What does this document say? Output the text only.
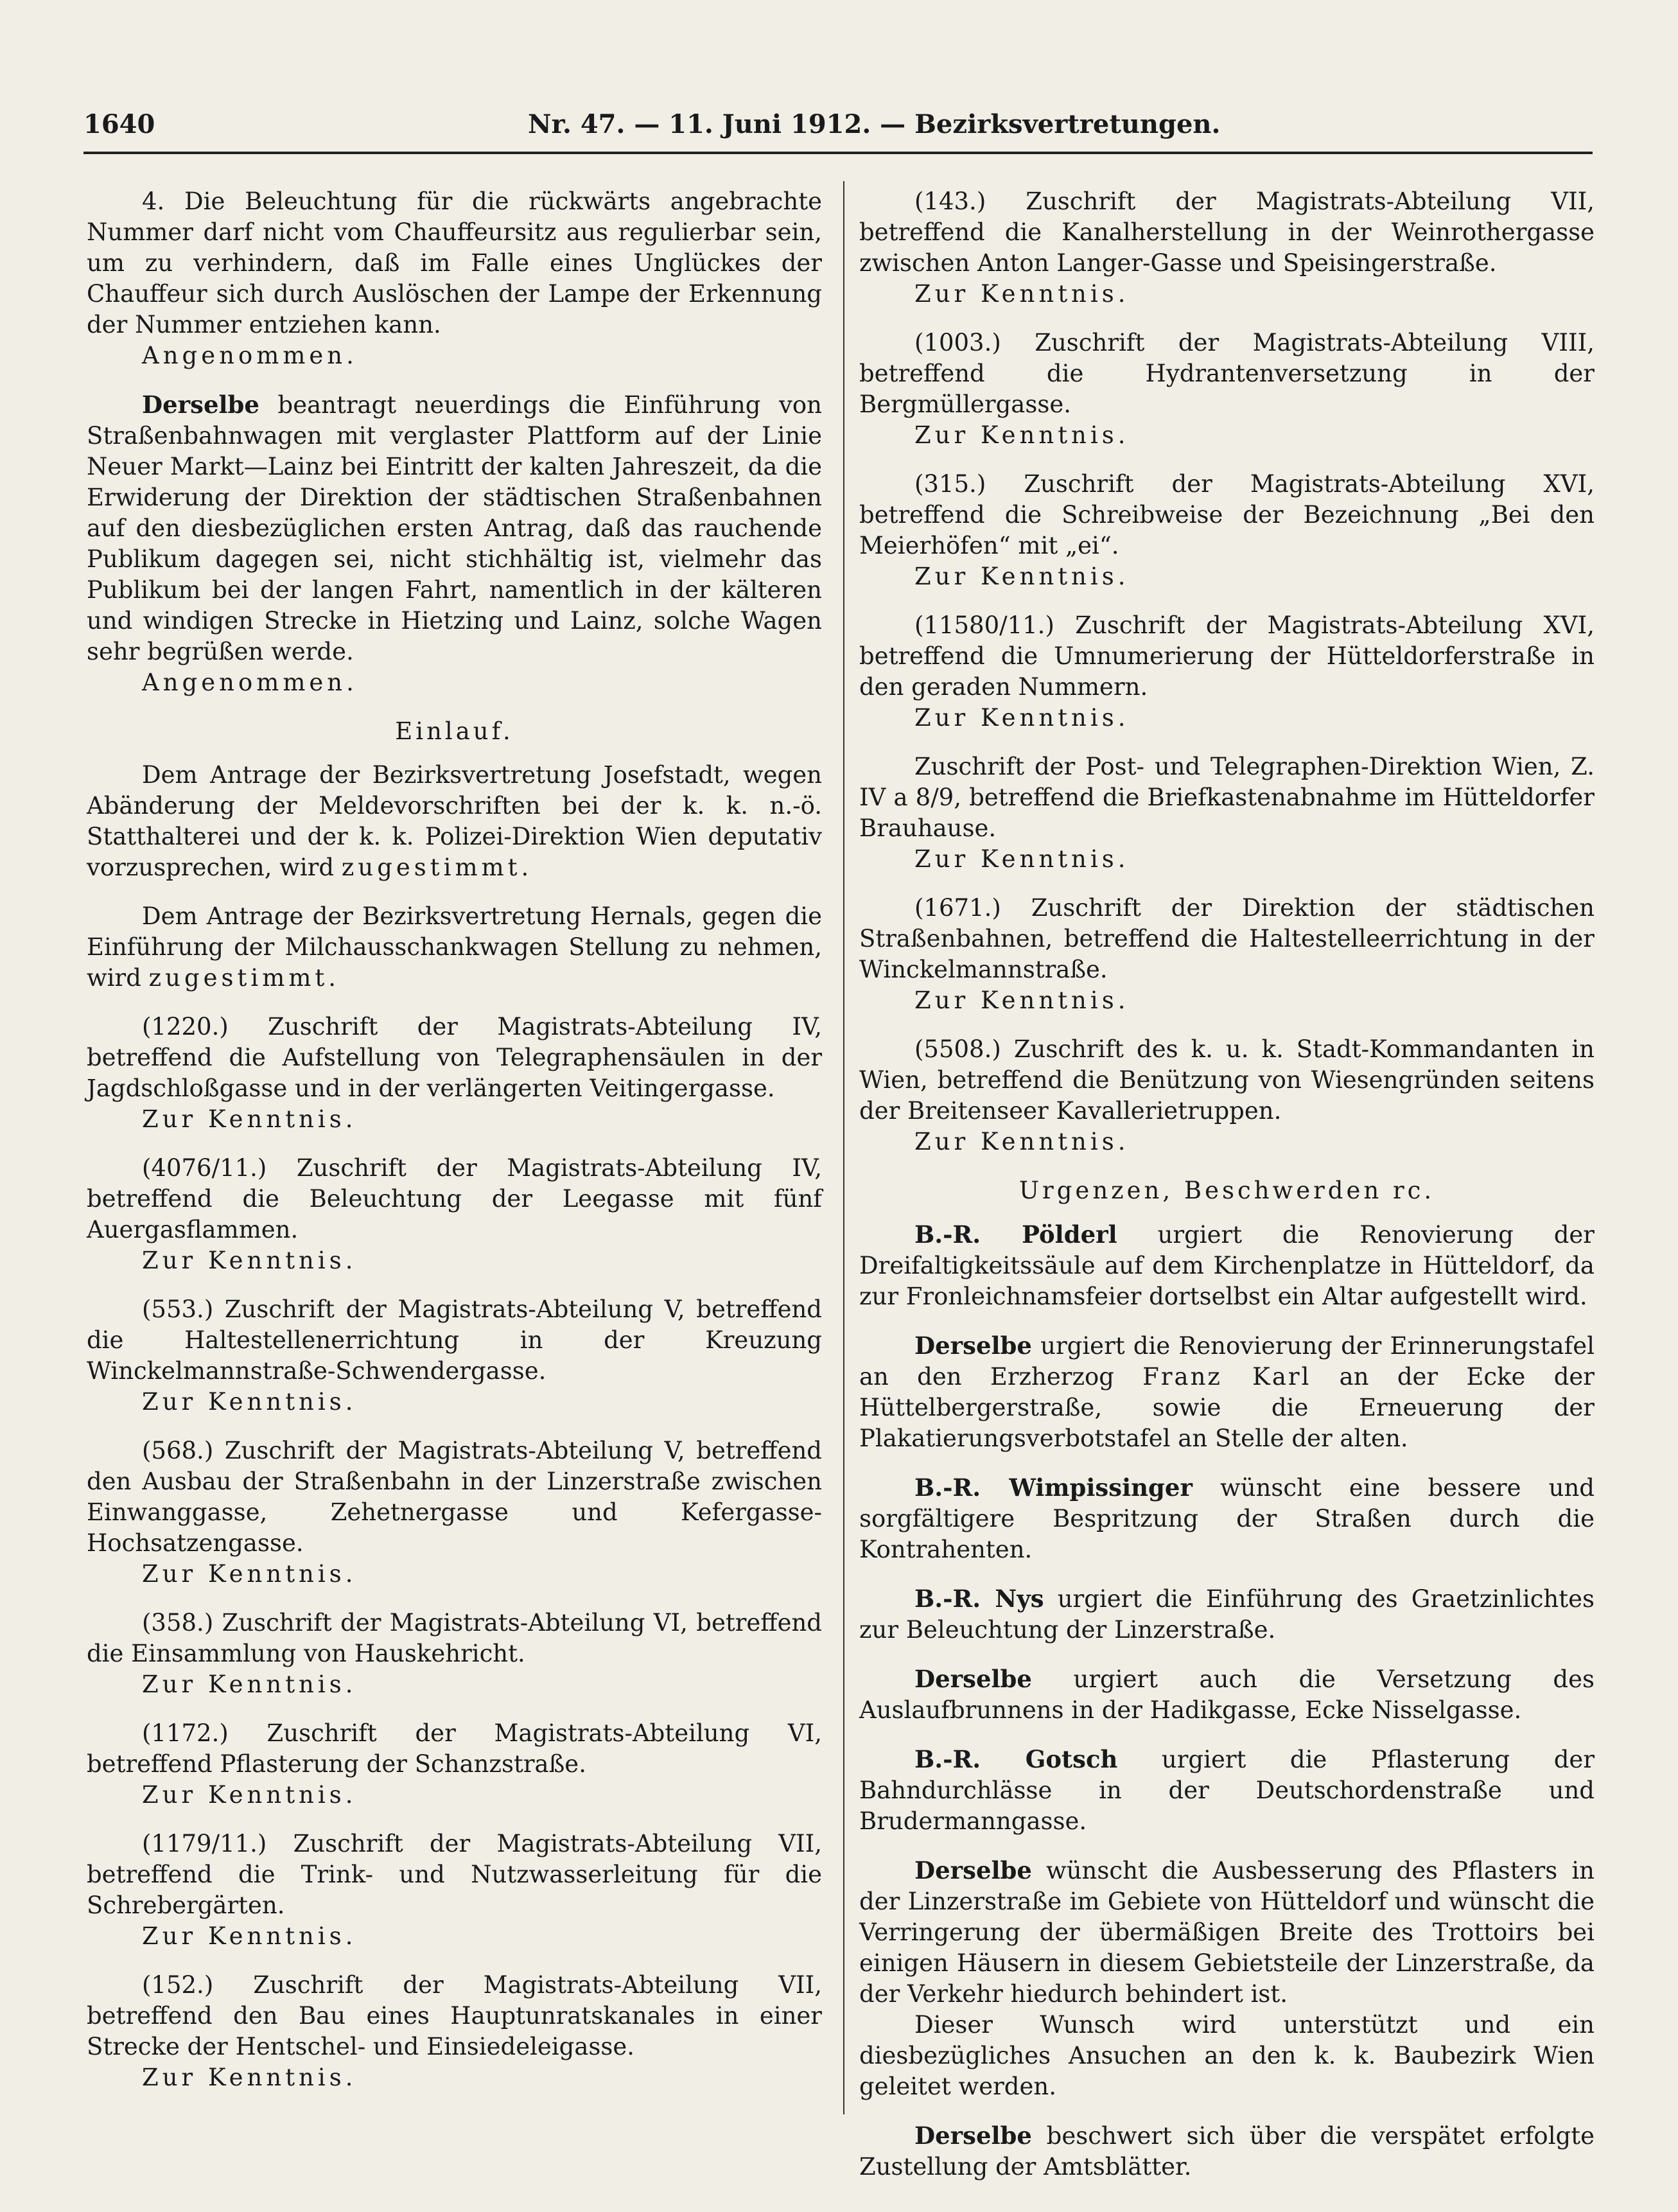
1640	Nr. 47. — 11. Juni 1912. — Bezirksvertretungen.

4. Die Beleuchtung für die rückwärts angebrachte Nummer darf nicht vom Chauffeursitz aus regulierbar sein, um zu verhindern, daß im Falle eines Unglückes der Chauffeur sich durch Auslöschen der Lampe der Erkennung der Nummer entziehen kann.

Angenommen.

Derselbe beantragt neuerdings die Einführung von Straßenbahnwagen mit verglaster Plattform auf der Linie Neuer Markt—Lainz bei Eintritt der kalten Jahreszeit, da die Erwiderung der Direktion der städtischen Straßenbahnen auf den diesbezüglichen ersten Antrag, daß das rauchende Publikum dagegen sei, nicht stichhältig ist, vielmehr das Publikum bei der langen Fahrt, namentlich in der kälteren und windigen Strecke in Hietzing und Lainz, solche Wagen sehr begrüßen werde.

Angenommen.

Einlauf.

Dem Antrage der Bezirksvertretung Josefstadt, wegen Abänderung der Meldevorschriften bei der k. k. n.-ö. Statthalterei und der k. k. Polizei-Direktion Wien deputativ vorzusprechen, wird zugestimmt.

Dem Antrage der Bezirksvertretung Hernals, gegen die Einführung der Milchausschankwagen Stellung zu nehmen, wird zugestimmt.

(1220.) Zuschrift der Magistrats-Abteilung IV, betreffend die Aufstellung von Telegraphensäulen in der Jagdschloßgasse und in der verlängerten Veitingergasse.

Zur Kenntnis.

(4076/11.) Zuschrift der Magistrats-Abteilung IV, betreffend die Beleuchtung der Leegasse mit fünf Auergasflammen.

Zur Kenntnis.

(553.) Zuschrift der Magistrats-Abteilung V, betreffend die Haltestellenerrichtung in der Kreuzung Winckelmannstraße-Schwendergasse.

Zur Kenntnis.

(568.) Zuschrift der Magistrats-Abteilung V, betreffend den Ausbau der Straßenbahn in der Linzerstraße zwischen Einwanggasse, Zehetnergasse und Kefergasse-Hochsatzengasse.

Zur Kenntnis.

(358.) Zuschrift der Magistrats-Abteilung VI, betreffend die Einsammlung von Hauskehricht.

Zur Kenntnis.

(1172.) Zuschrift der Magistrats-Abteilung VI, betreffend Pflasterung der Schanzstraße.

Zur Kenntnis.

(1179/11.) Zuschrift der Magistrats-Abteilung VII, betreffend die Trink- und Nutzwasserleitung für die Schrebergärten.

Zur Kenntnis.

(152.) Zuschrift der Magistrats-Abteilung VII, betreffend den Bau eines Hauptunratskanales in einer Strecke der Hentschel- und Einsiedeleigasse.

Zur Kenntnis.

(143.) Zuschrift der Magistrats-Abteilung VII, betreffend die Kanalherstellung in der Weinrothergasse zwischen Anton Langer-Gasse und Speisingerstraße.

Zur Kenntnis.

(1003.) Zuschrift der Magistrats-Abteilung VIII, betreffend die Hydrantenversetzung in der Bergmüllergasse.

Zur Kenntnis.

(315.) Zuschrift der Magistrats-Abteilung XVI, betreffend die Schreibweise der Bezeichnung „Bei den Meierhöfen“ mit „ei“.

Zur Kenntnis.

(11580/11.) Zuschrift der Magistrats-Abteilung XVI, betreffend die Umnumerierung der Hütteldorferstraße in den geraden Nummern.

Zur Kenntnis.

Zuschrift der Post- und Telegraphen-Direktion Wien, Z. IV a 8/9, betreffend die Briefkastenabnahme im Hütteldorfer Brauhause.

Zur Kenntnis.

(1671.) Zuschrift der Direktion der städtischen Straßenbahnen, betreffend die Haltestelleerrichtung in der Winckelmannstraße.

Zur Kenntnis.

(5508.) Zuschrift des k. u. k. Stadt-Kommandanten in Wien, betreffend die Benützung von Wiesengründen seitens der Breitenseer Kavallerietruppen.

Zur Kenntnis.

Urgenzen, Beschwerden rc.

B.-R. Pölderl urgiert die Renovierung der Dreifaltigkeitssäule auf dem Kirchenplatze in Hütteldorf, da zur Fronleichnamsfeier dortselbst ein Altar aufgestellt wird.

Derselbe urgiert die Renovierung der Erinnerungstafel an den Erzherzog Franz Karl an der Ecke der Hüttelbergerstraße, sowie die Erneuerung der Plakatierungsverbotstafel an Stelle der alten.

B.-R. Wimpissinger wünscht eine bessere und sorgfältigere Bespritzung der Straßen durch die Kontrahenten.

B.-R. Nys urgiert die Einführung des Graetzinlichtes zur Beleuchtung der Linzerstraße.

Derselbe urgiert auch die Versetzung des Auslaufbrunnens in der Hadikgasse, Ecke Nisselgasse.

B.-R. Gotsch urgiert die Pflasterung der Bahndurchlässe in der Deutschordenstraße und Brudermanngasse.

Derselbe wünscht die Ausbesserung des Pflasters in der Linzerstraße im Gebiete von Hütteldorf und wünscht die Verringerung der übermäßigen Breite des Trottoirs bei einigen Häusern in diesem Gebietsteile der Linzerstraße, da der Verkehr hiedurch behindert ist.

Dieser Wunsch wird unterstützt und ein diesbezügliches Ansuchen an den k. k. Baubezirk Wien geleitet werden.

Derselbe beschwert sich über die verspätet erfolgte Zustellung der Amtsblätter.
